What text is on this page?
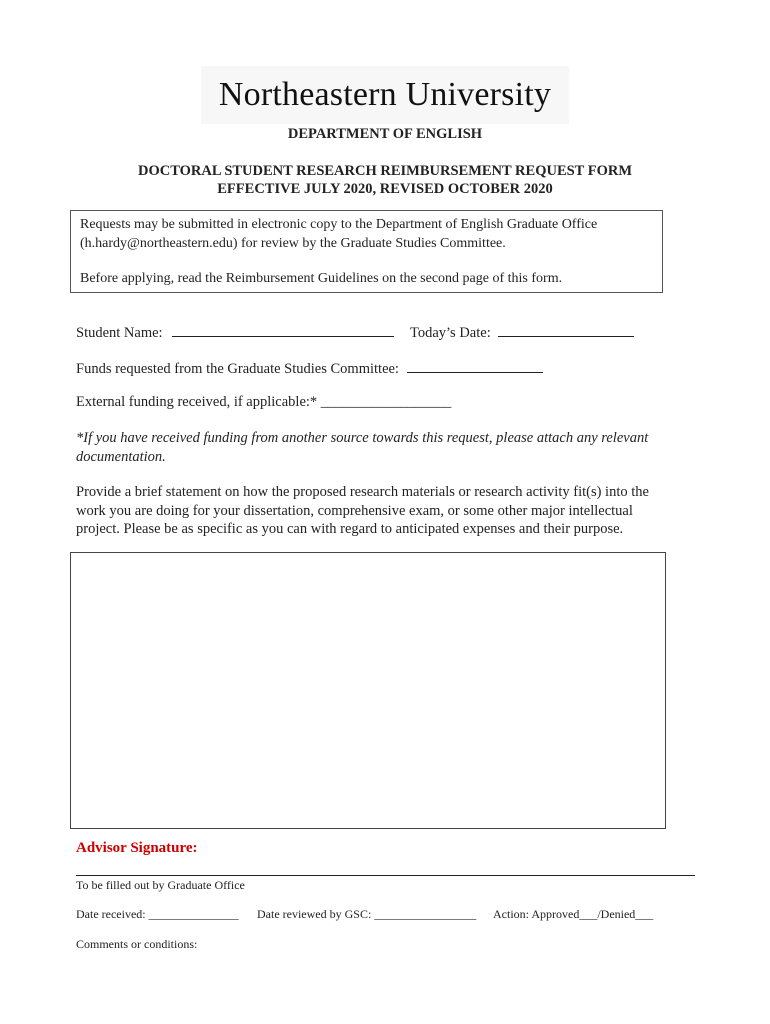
Northeastern University
DEPARTMENT OF ENGLISH
DOCTORAL STUDENT RESEARCH REIMBURSEMENT REQUEST FORM
EFFECTIVE JULY 2020, REVISED OCTOBER 2020

Requests may be submitted in electronic copy to the Department of English Graduate Office

(h.hardy@northeastern.edu) for review by the Graduate Studies Committee.

Before applying, read the Reimbursement Guidelines on the second page of this form.

Student Name:	Today’s Date:
Funds requested from the Graduate Studies Committee:
External funding received, if applicable:* __________________
*If you have received funding from another source towards this request, please attach any relevant
documentation.
Provide a brief statement on how the proposed research materials or research activity fit(s) into the
work you are doing for your dissertation, comprehensive exam, or some other major intellectual
project. Please be as specific as you can with regard to anticipated expenses and their purpose.
Advisor Signature:
To be filled out by Graduate Office
Date received: _______________ Date reviewed by GSC: _________________ Action: Approved___/Denied___
Comments or conditions:
